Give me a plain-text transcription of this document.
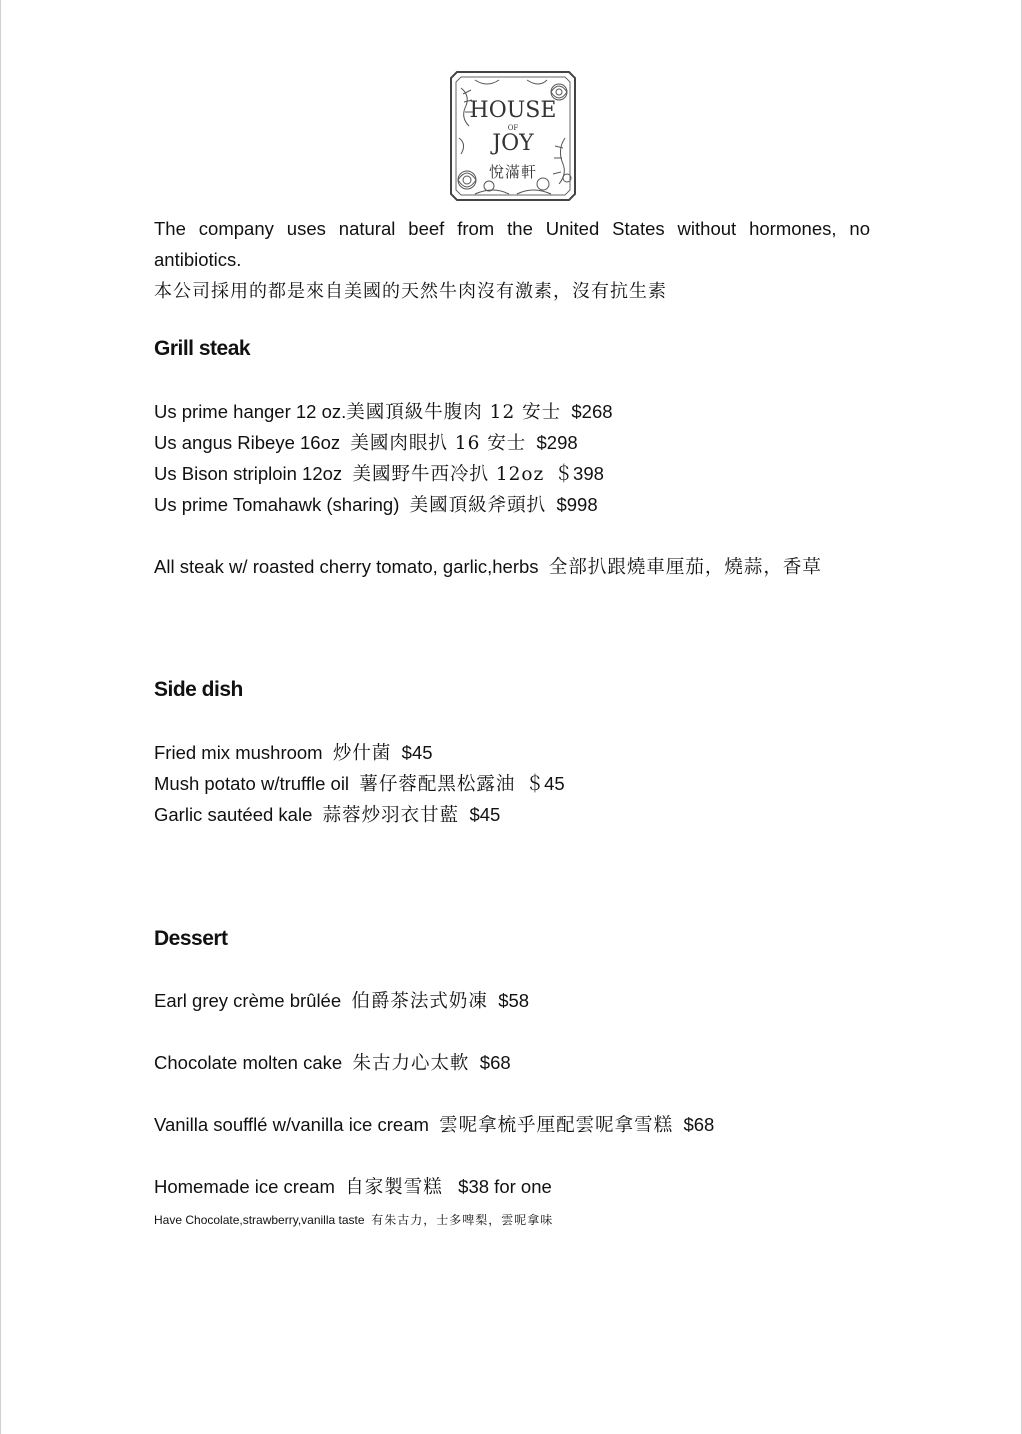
HOUSE
OF
JOY
悅滿軒
The company uses natural beef from the United States without hormones, no antibiotics.
本公司採用的都是來自美國的天然牛肉沒有激素，沒有抗生素
Grill steak
Us prime hanger 12 oz.美國頂級牛腹肉 12 安士 $268
Us angus Ribeye 16oz 美國肉眼扒 16 安士 $298
Us Bison striploin 12oz 美國野牛西冷扒 12oz ＄398
Us prime Tomahawk (sharing) 美國頂級斧頭扒 $998
All steak w/ roasted cherry tomato, garlic,herbs 全部扒跟燒車厘茄，燒蒜，香草
Side dish
Fried mix mushroom 炒什菌 $45
Mush potato w/truffle oil 薯仔蓉配黑松露油 ＄45
Garlic sautéed kale 蒜蓉炒羽衣甘藍 $45
Dessert
Earl grey crème brûlée 伯爵茶法式奶凍 $58
Chocolate molten cake 朱古力心太軟 $68
Vanilla soufflé w/vanilla ice cream 雲呢拿梳乎厘配雲呢拿雪糕 $68
Homemade ice cream 自家製雪糕 $38 for one
Have Chocolate,strawberry,vanilla taste 有朱古力，士多啤梨，雲呢拿味
